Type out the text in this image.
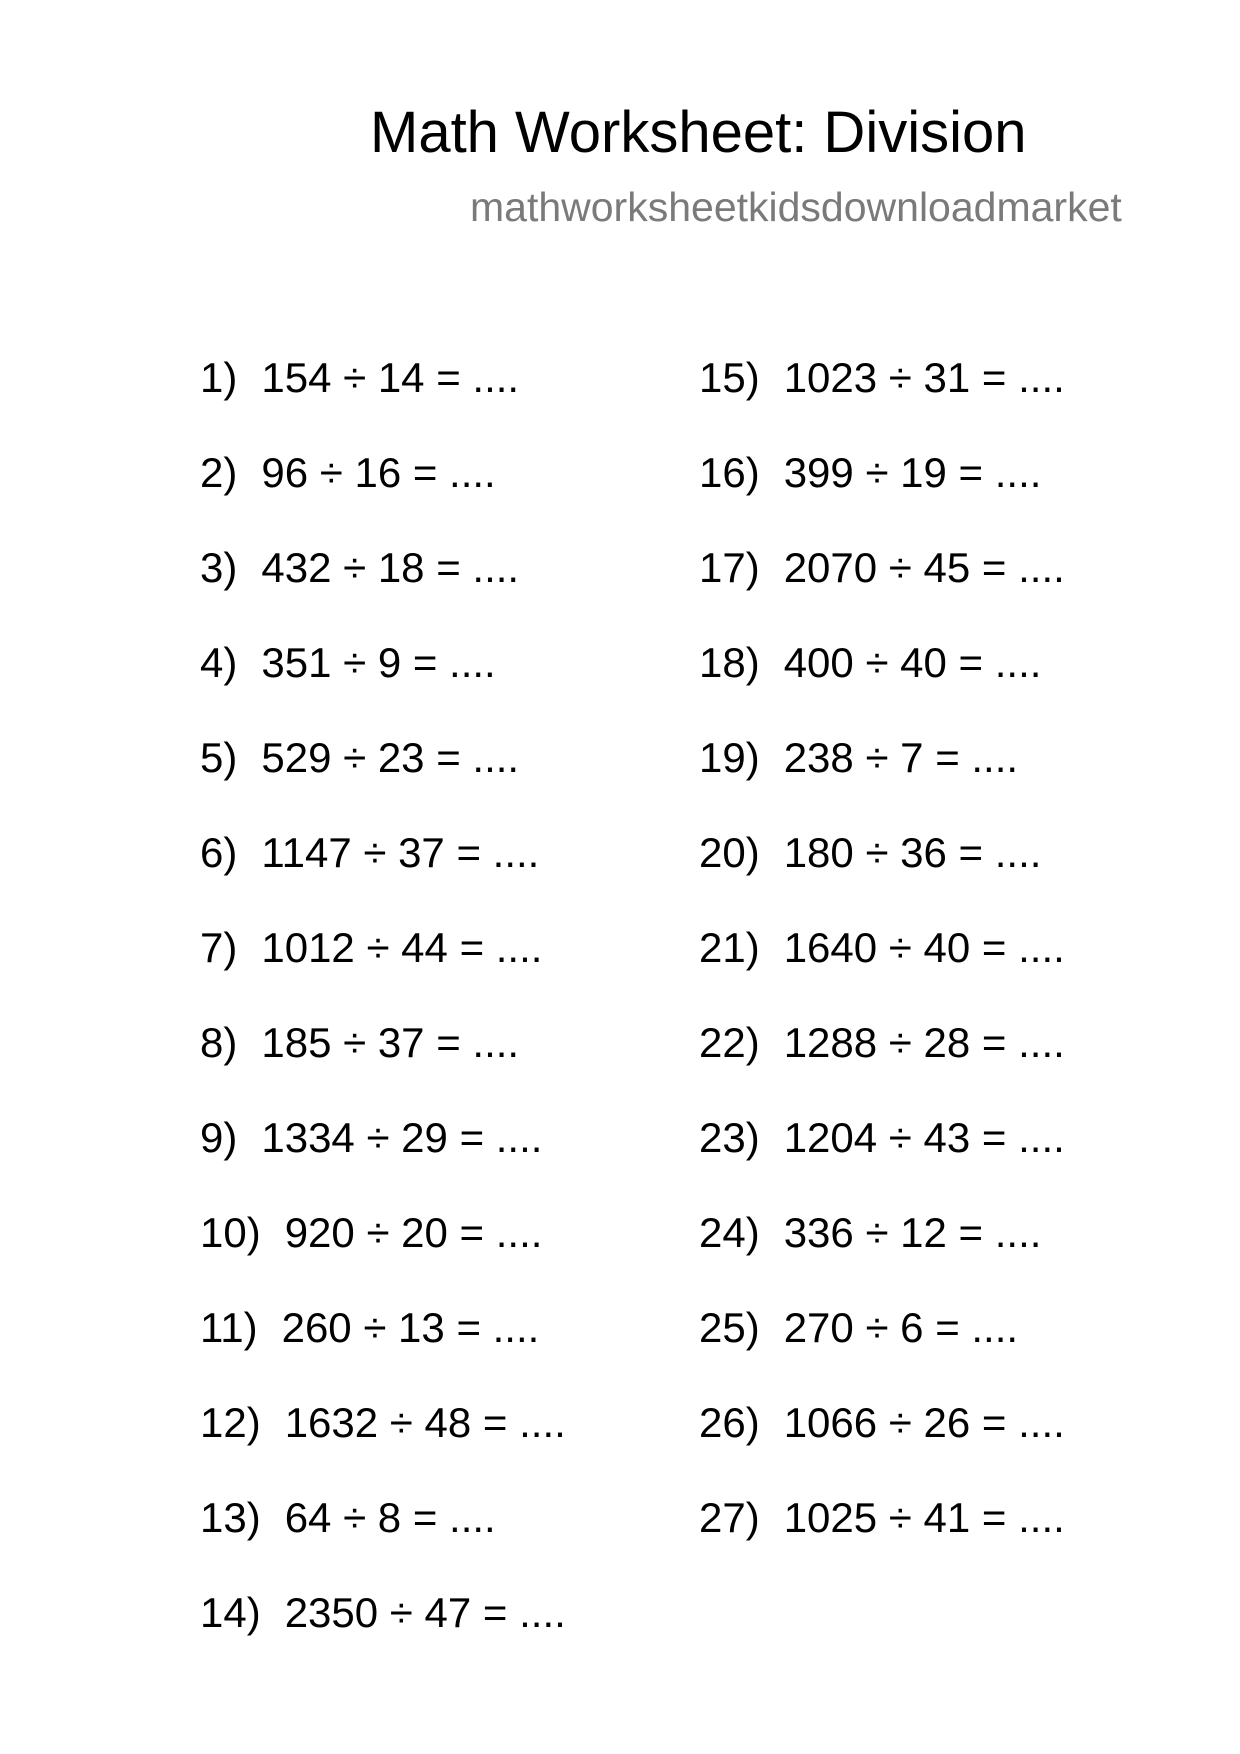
Math Worksheet: Division
mathworksheetkidsdownloadmarket
1) 154 ÷ 14 = ....
2) 96 ÷ 16 = ....
3) 432 ÷ 18 = ....
4) 351 ÷ 9 = ....
5) 529 ÷ 23 = ....
6) 1147 ÷ 37 = ....
7) 1012 ÷ 44 = ....
8) 185 ÷ 37 = ....
9) 1334 ÷ 29 = ....
10) 920 ÷ 20 = ....
11) 260 ÷ 13 = ....
12) 1632 ÷ 48 = ....
13) 64 ÷ 8 = ....
14) 2350 ÷ 47 = ....
15) 1023 ÷ 31 = ....
16) 399 ÷ 19 = ....
17) 2070 ÷ 45 = ....
18) 400 ÷ 40 = ....
19) 238 ÷ 7 = ....
20) 180 ÷ 36 = ....
21) 1640 ÷ 40 = ....
22) 1288 ÷ 28 = ....
23) 1204 ÷ 43 = ....
24) 336 ÷ 12 = ....
25) 270 ÷ 6 = ....
26) 1066 ÷ 26 = ....
27) 1025 ÷ 41 = ....
